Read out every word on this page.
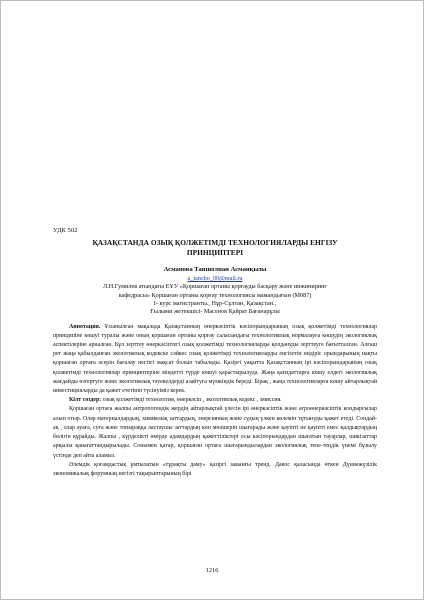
УДК 502

ҚАЗАҚСТАНДА ОЗЫҚ ҚОЛЖЕТІМДІ ТЕХНОЛОГИЯЛАРДЫ ЕНГІЗУ
ПРИНЦИПТЕРІ

Асманова Таншолпан Асманқызы

a_tancho_00@mail.ru

Л.Н.Гумилев атындағы ЕҰУ «Қоршаған ортаны қорғауды басқару және инжиниринг

кафедрасы» Қоршаған ортаны қорғау технологиясы мамандығын (М087)

І- курс магистранты., Нұр-Сұлтан, Қазақстан.,

Ғылыми жетекшісі- Масенов Қайрат Бағанарұлы

Аннотация. Ұсынылған мақалада Қазақстанның өнеркәсіптік кәсіпорындарының озық қолжетімді технологиялар принципіне көшуі туралы және оның қоршаған ортаны қорғау саласындағы технологиялық нормалауға көшудің экологиялық аспектілеріне арналған. Бұл зерттеу өнеркәсіптегі озық қолжетімді технологияларды қолдануды зерттеуге бағытталған. Алғаш рет жаңа қабылданған экологиялық кодекске сәйкес озық қолжетімді технологияларды енгізетін өндіріс орындарының нақты қоршаған ортаға әсерін бағалау негізгі мақсат болып табылады. Қазіргі уақытта Қазақстанның ірі кәсіпорындарының озық қолжетімді технологиялар принциптеріне міндетті түрде көшуі қарастырылуда. Жаңа қағидаттарға көшу елдегі экологиялық жағдайды өзгертуге және экологиялық тәуекелдерді азайтуға мүмкіндік береді. Бірақ , жаңа технологияларға көшу айтарлықтай инвестицияларды да қажет ететінін түсінуіміз керек.

Кілт создер: озық қолжетімді технология, өнеркәсіп , экологиялық кодекс , эмиссия.

Қоршаған ортаға жалпы антропогендік жердің айтарлықтай үлесін ірі өнеркәсіптік және агроөнеркәсіптік кондырғылар алып отыр. Олар материалдардың, химиялық заттардың, энергияның және судың үлкен көлемін тұтынуды қажет етеді. Сондай- ақ , олар ауаға, суға және топыраққа ластаушы заттардың көп мөлшерін шығарады және қауіпті не қауіпті емес қалдықтардың бөлігін құрайды. Жалпы , күрделікті өмірде адамдардың қажеттіліктері осы кәсіпорындардан шығатын тауарлар, шикізаттар арқылы қанағаттандырылады. Сонымен қатар, қоршаған ортаға шығарындылардан экологиялық тепе-теңдік үнемі бұзылу үстінде деп айта аламыз.

Әлемдік қоғамдастық ұмтылатын «тұрақты даму» қазіргі заманғы тренд. Давос қаласында өткен Дүниежүзілік экономикалық форумның негізгі тақырыптарының бірі

1216
